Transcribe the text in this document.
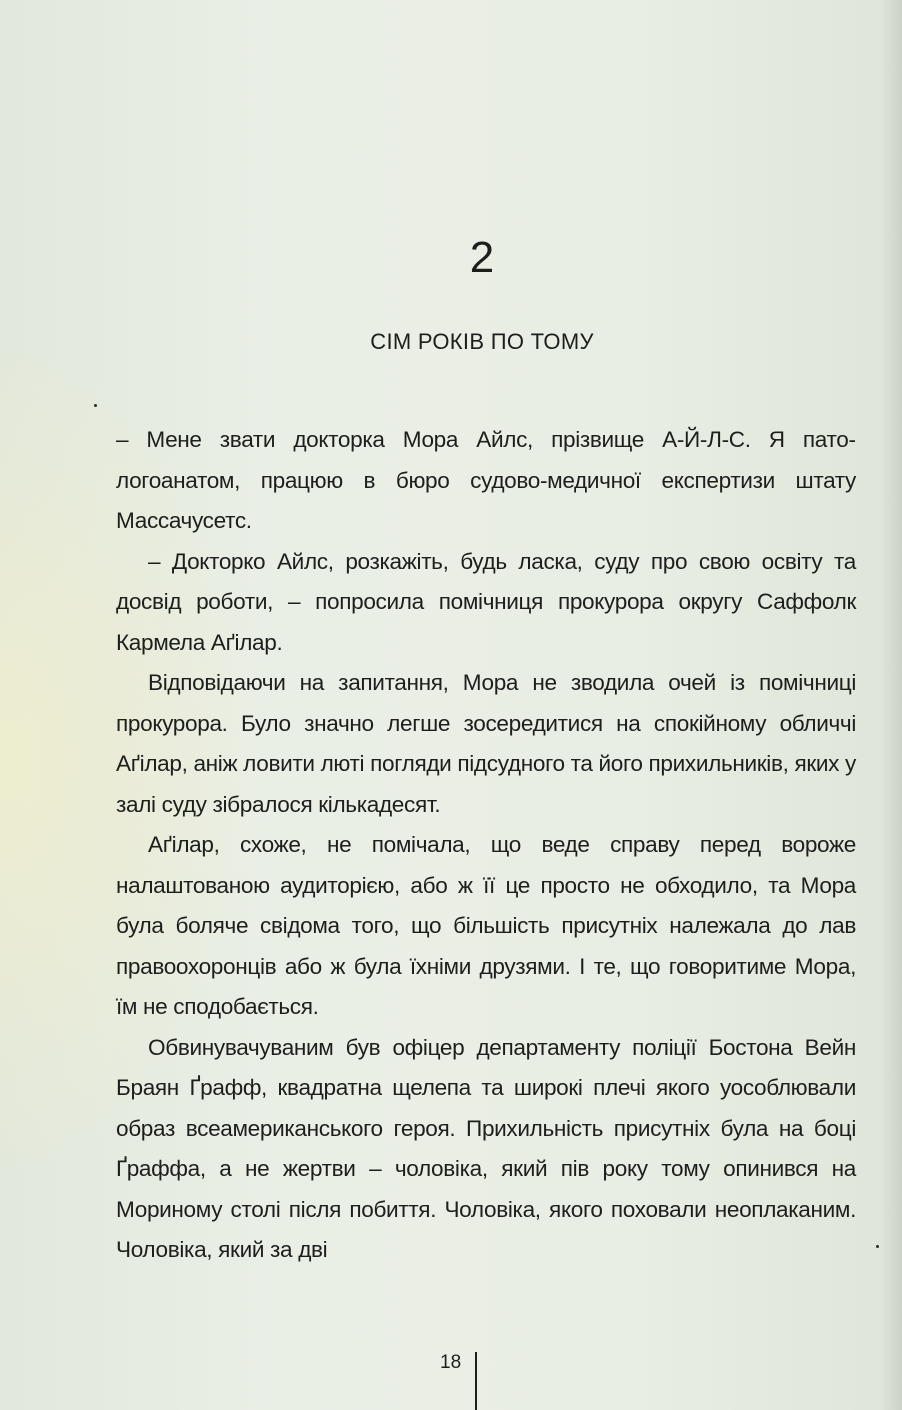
2
СІМ РОКІВ ПО ТОМУ

– Мене звати докторка Мора Айлс, прізвище А-Й-Л-С. Я патологоанатом, працюю в бюро судово-медичної експертизи штату Массачусетс.

– Докторко Айлс, розкажіть, будь ласка, суду про свою освіту та досвід роботи, – попросила помічниця прокурора округу Саффолк Кармела Аґілар.

Відповідаючи на запитання, Мора не зводила очей із помічниці прокурора. Було значно легше зосередитися на спокійному обличчі Аґілар, аніж ловити люті погляди підсудного та його прихильників, яких у залі суду зібралося кількадесят.

Аґілар, схоже, не помічала, що веде справу перед вороже налаштованою аудиторією, або ж її це просто не обходило, та Мора була боляче свідома того, що більшість присутніх належала до лав правоохоронців або ж була їхніми друзями. І те, що говоритиме Мора, їм не сподобається.

Обвинувачуваним був офіцер департаменту поліції Бостона Вейн Браян Ґрафф, квадратна щелепа та широкі плечі якого уособлювали образ всеамериканського героя. Прихильність присутніх була на боці Ґраффа, а не жертви – чоловіка, який пів року тому опинився на Мориному столі після побиття. Чоловіка, якого поховали неоплаканим. Чоловіка, який за дві

18
